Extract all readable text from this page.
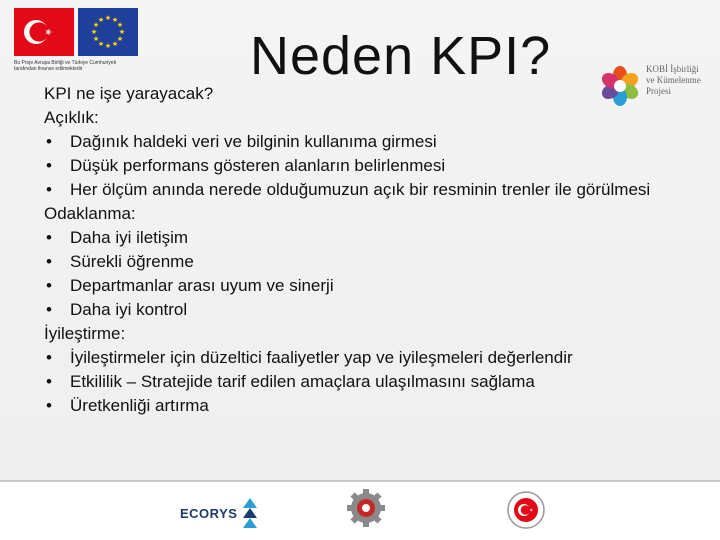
★ ★
★
★
★
★
★
★
★
★
★
★
Bu Proje Avrupa Birliği ve Türkiye Cumhuriyeti tarafından finanse edilmektedir	Neden KPI?	KOBİ İşbirliği
ve Kümelenme
Projesi
KPI ne işe yarayacak?
Açıklık:
• Dağınık haldeki veri ve bilginin kullanıma girmesi
• Düşük performans gösteren alanların belirlenmesi
• Her ölçüm anında nerede olduğumuzun açık bir resminin trenler ile görülmesi
Odaklanma:
• Daha iyi iletişim
• Sürekli öğrenme
• Departmanlar arası uyum ve sinerji
• Daha iyi kontrol
İyileştirme:
• İyileştirmeler için düzeltici faaliyetler yap ve iyileşmeleri değerlendir
• Etkililik – Stratejide tarif edilen amaçlara ulaşılmasını sağlama
• Üretkenliği artırma
ECORYS
